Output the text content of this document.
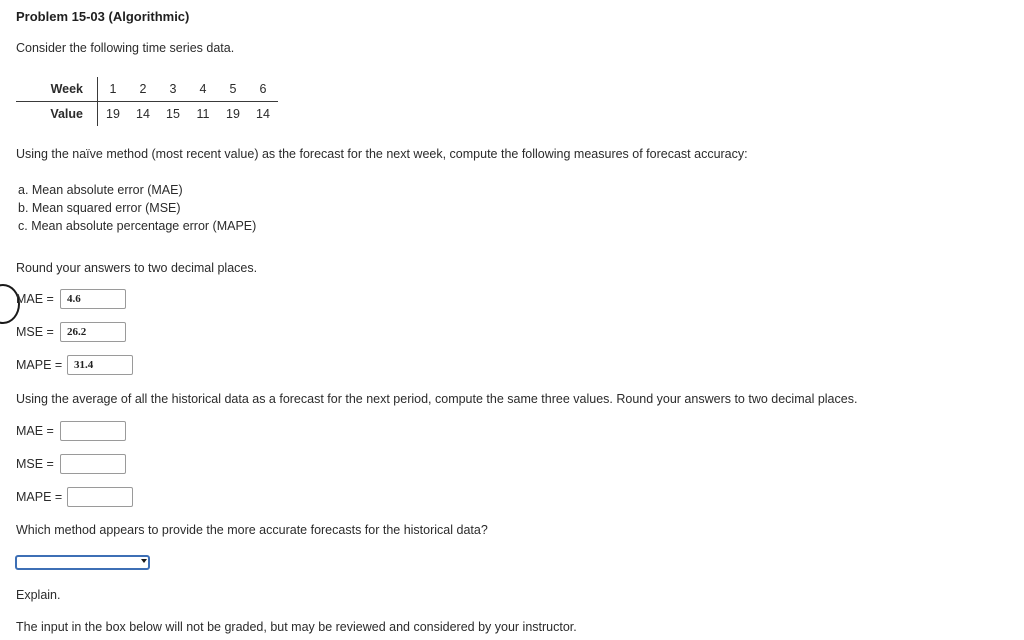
Problem 15-03 (Algorithmic)
Consider the following time series data.
Week	1	2	3	4	5	6
Value	19	14	15	11	19	14
Using the naïve method (most recent value) as the forecast for the next week, compute the following measures of forecast accuracy:
a. Mean absolute error (MAE)
b. Mean squared error (MSE)
c. Mean absolute percentage error (MAPE)
Round your answers to two decimal places.
MAE =	4.6
MSE =	26.2
MAPE =	31.4
Using the average of all the historical data as a forecast for the next period, compute the same three values. Round your answers to two decimal places.
MAE =
MSE =
MAPE =
Which method appears to provide the more accurate forecasts for the historical data?
Explain.
The input in the box below will not be graded, but may be reviewed and considered by your instructor.
